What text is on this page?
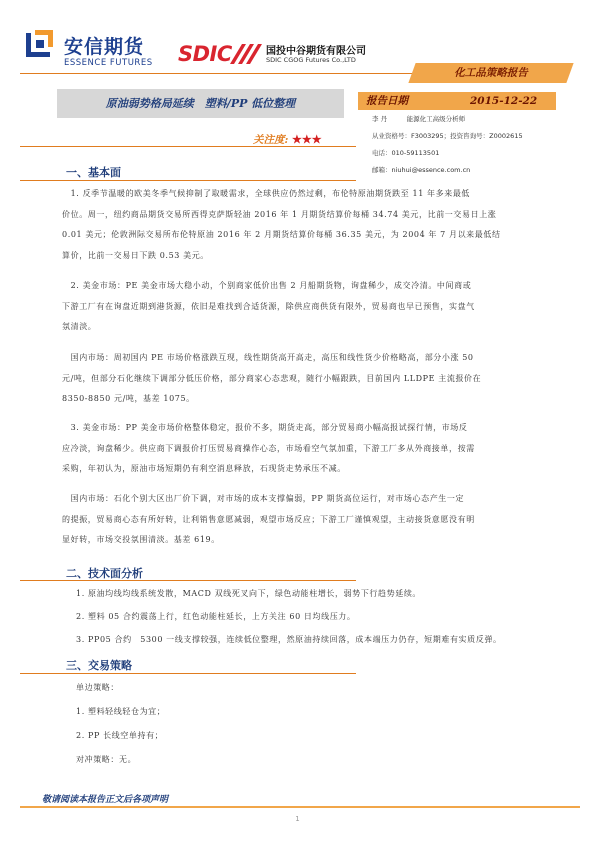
安信期货
ESSENCE FUTURES SDIC	国投中谷期货有限公司
SDIC CGOG Futures Co.,LTD
化工品策略报告
原油弱势格局延续　塑料/PP 低位整理	报告日期	2015-12-22
关注度: ★★★
李 丹　　　能源化工高级分析师
从业资格号：F3003295；投资咨询号：Z0002615
电话：010-59113501
邮箱：niuhui@essence.com.cn
一、基本面
　1. 反季节温暖的欧美冬季气候抑制了取暖需求，全球供应仍然过剩，布伦特原油期货跌至 11 年多来最低
价位。周一，纽约商品期货交易所西得克萨斯轻油 2016 年 1 月期货结算价每桶 34.74 美元，比前一交易日上涨
0.01 美元；伦敦洲际交易所布伦特原油 2016 年 2 月期货结算价每桶 36.35 美元，为 2004 年 7 月以来最低结
算价，比前一交易日下跌 0.53 美元。
　2. 美金市场：PE 美金市场大稳小动，个别商家低价出售 2 月船期货物，询盘稀少，成交冷清。中间商或
下游工厂有在询盘近期到港货源，依旧是难找到合适货源，除供应商供货有限外，贸易商也早已预售，实盘气
氛清淡。
　国内市场：周初国内 PE 市场价格涨跌互现，线性期货高开高走，高压和线性货少价格略高，部分小涨 50
元/吨，但部分石化继续下调部分低压价格，部分商家心态悲观，随行小幅跟跌，目前国内 LLDPE 主流报价在
8350-8850 元/吨，基差 1075。
　3. 美金市场：PP 美金市场价格整体稳定，报价不多，期货走高，部分贸易商小幅高报试探行情，市场反
应冷淡，询盘稀少。供应商下调报价打压贸易商操作心态，市场看空气氛加重，下游工厂多从外商接单，按需
采购，年初认为，原油市场短期仍有利空消息释放，石现货走势承压不减。
　国内市场：石化个别大区出厂价下调，对市场的成本支撑偏弱，PP 期货高位运行，对市场心态产生一定
的提振，贸易商心态有所好转，让利销售意愿减弱，观望市场反应；下游工厂谨慎观望，主动接货意愿没有明
显好转，市场交投氛围清淡。基差 619。
二、技术面分析
1. 原油均线均线系统发散，MACD 双线死叉向下，绿色动能柱增长，弱势下行趋势延续。
2. 塑料 05 合约震荡上行，红色动能柱延长，上方关注 60 日均线压力。
3. PP05 合约　5300 一线支撑较强，连续低位整理，然原油持续回落，成本端压力仍存，短期难有实质反弹。
三、交易策略
单边策略：
1. 塑料轻线轻仓为宜；
2. PP 长线空单持有；
对冲策略：无。
敬请阅读本报告正文后各项声明
1
